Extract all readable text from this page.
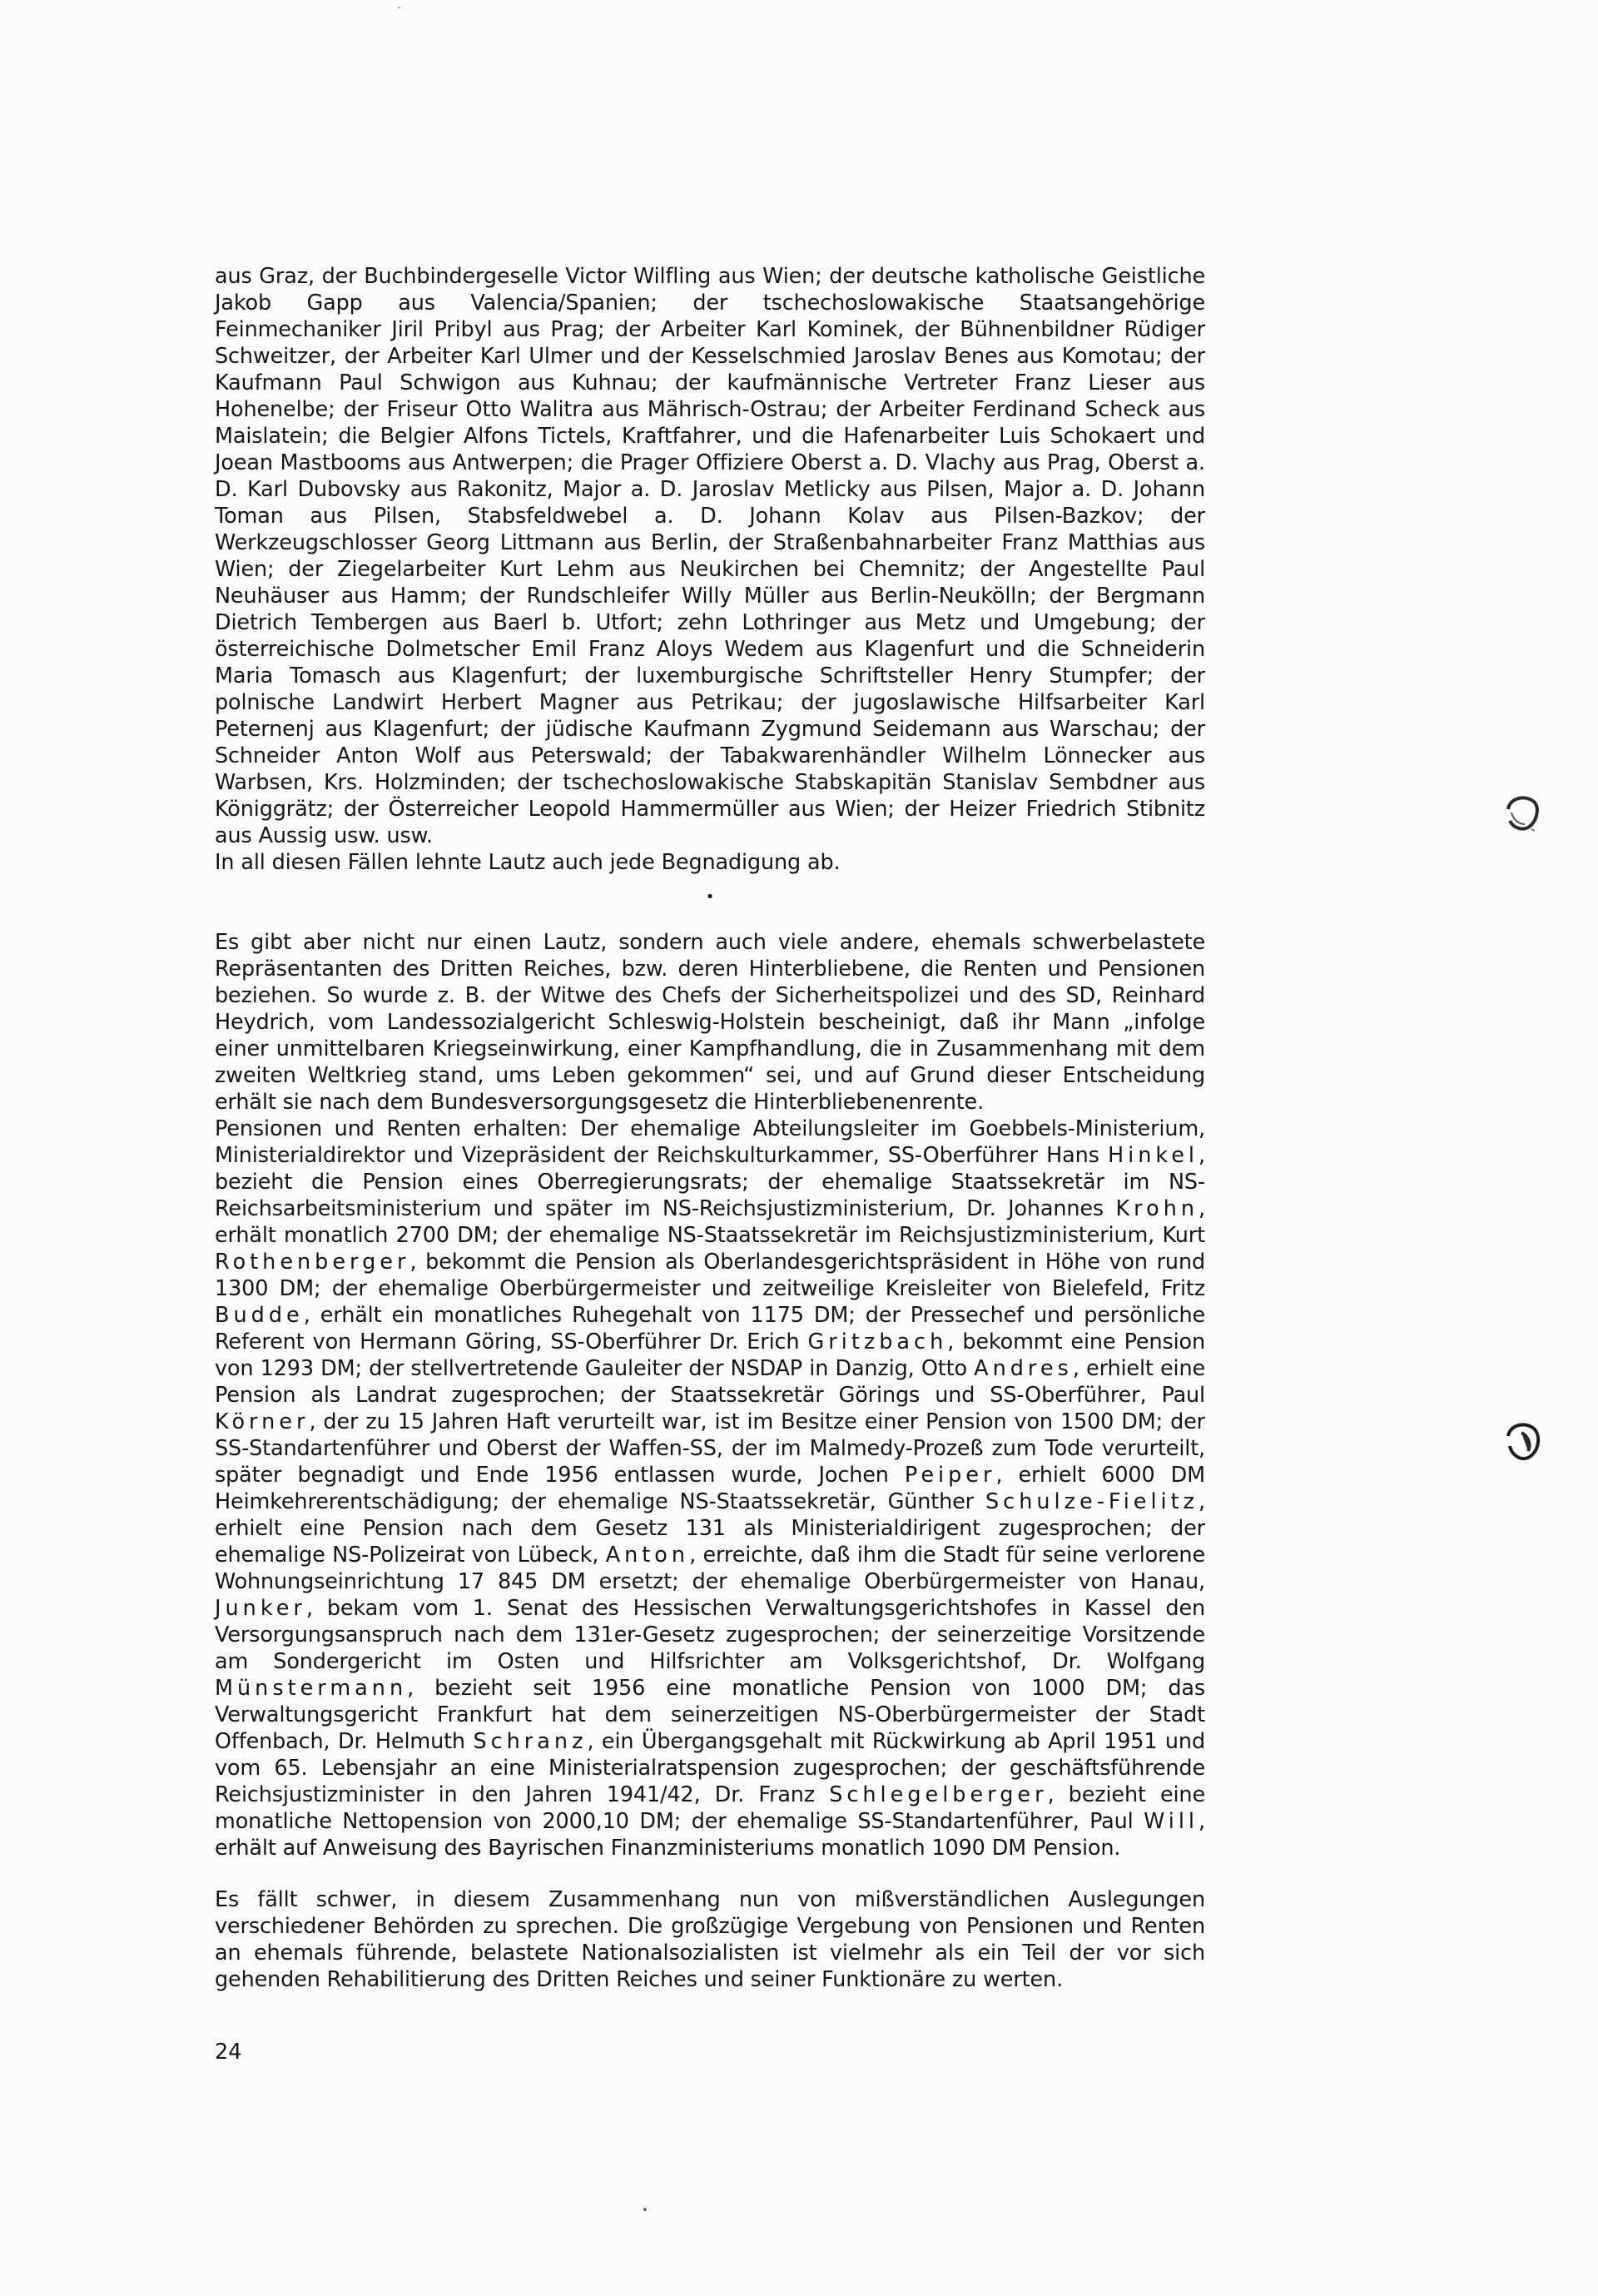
aus Graz, der Buchbindergeselle Victor Wilfling aus Wien; der deutsche katholische Geistliche Jakob Gapp aus Valencia/Spanien; der tschechoslowakische Staatsangehörige Feinmechaniker Jiril Pribyl aus Prag; der Arbeiter Karl Kominek, der Bühnenbildner Rüdiger Schweitzer, der Arbeiter Karl Ulmer und der Kesselschmied Jaroslav Benes aus Komotau; der Kaufmann Paul Schwigon aus Kuhnau; der kaufmännische Vertreter Franz Lieser aus Hohenelbe; der Friseur Otto Walitra aus Mährisch-Ostrau; der Arbeiter Ferdinand Scheck aus Maislatein; die Belgier Alfons Tictels, Kraftfahrer, und die Hafenarbeiter Luis Schokaert und Joean Mastbooms aus Antwerpen; die Prager Offiziere Oberst a. D. Vlachy aus Prag, Oberst a. D. Karl Dubovsky aus Rakonitz, Major a. D. Jaroslav Metlicky aus Pilsen, Major a. D. Johann Toman aus Pilsen, Stabsfeldwebel a. D. Johann Kolav aus Pilsen-Bazkov; der Werkzeugschlosser Georg Littmann aus Berlin, der Straßenbahnarbeiter Franz Matthias aus Wien; der Ziegelarbeiter Kurt Lehm aus Neukirchen bei Chemnitz; der Angestellte Paul Neuhäuser aus Hamm; der Rundschleifer Willy Müller aus Berlin-Neukölln; der Bergmann Dietrich Tembergen aus Baerl b. Utfort; zehn Lothringer aus Metz und Umgebung; der österreichische Dolmetscher Emil Franz Aloys Wedem aus Klagenfurt und die Schneiderin Maria Tomasch aus Klagenfurt; der luxemburgische Schriftsteller Henry Stumpfer; der polnische Landwirt Herbert Magner aus Petrikau; der jugoslawische Hilfsarbeiter Karl Peternenj aus Klagenfurt; der jüdische Kaufmann Zygmund Seidemann aus Warschau; der Schneider Anton Wolf aus Peterswald; der Tabakwarenhändler Wilhelm Lönnecker aus Warbsen, Krs. Holzminden; der tschechoslowakische Stabskapitän Stanislav Sembdner aus Königgrätz; der Österreicher Leopold Hammermüller aus Wien; der Heizer Friedrich Stibnitz aus Aussig usw. usw.

In all diesen Fällen lehnte Lautz auch jede Begnadigung ab.

•

Es gibt aber nicht nur einen Lautz, sondern auch viele andere, ehemals schwerbelastete Repräsentanten des Dritten Reiches, bzw. deren Hinterbliebene, die Renten und Pensionen beziehen. So wurde z. B. der Witwe des Chefs der Sicherheitspolizei und des SD, Reinhard Heydrich, vom Landessozialgericht Schleswig-Holstein bescheinigt, daß ihr Mann „infolge einer unmittelbaren Kriegseinwirkung, einer Kampfhandlung, die in Zusammenhang mit dem zweiten Weltkrieg stand, ums Leben gekommen“ sei, und auf Grund dieser Entscheidung erhält sie nach dem Bundesversorgungsgesetz die Hinterbliebenenrente.

Pensionen und Renten erhalten: Der ehemalige Abteilungsleiter im Goebbels-Ministerium, Ministerialdirektor und Vizepräsident der Reichskulturkammer, SS-Oberführer Hans Hinkel, bezieht die Pension eines Oberregierungsrats; der ehemalige Staatssekretär im NS-Reichsarbeitsministerium und später im NS-Reichsjustizministerium, Dr. Johannes Krohn, erhält monatlich 2700 DM; der ehemalige NS-Staatssekretär im Reichsjustizministerium, Kurt Rothenberger, bekommt die Pension als Oberlandesgerichtspräsident in Höhe von rund 1300 DM; der ehemalige Oberbürgermeister und zeitweilige Kreisleiter von Bielefeld, Fritz Budde, erhält ein monatliches Ruhegehalt von 1175 DM; der Pressechef und persönliche Referent von Hermann Göring, SS-Oberführer Dr. Erich Gritzbach, bekommt eine Pension von 1293 DM; der stellvertretende Gauleiter der NSDAP in Danzig, Otto Andres, erhielt eine Pension als Landrat zugesprochen; der Staatssekretär Görings und SS-Oberführer, Paul Körner, der zu 15 Jahren Haft verurteilt war, ist im Besitze einer Pension von 1500 DM; der SS-Standartenführer und Oberst der Waffen-SS, der im Malmedy-Prozeß zum Tode verurteilt, später begnadigt und Ende 1956 entlassen wurde, Jochen Peiper, erhielt 6000 DM Heimkehrerentschädigung; der ehemalige NS-Staatssekretär, Günther Schulze-Fielitz, erhielt eine Pension nach dem Gesetz 131 als Ministerialdirigent zugesprochen; der ehemalige NS-Polizeirat von Lübeck, Anton, erreichte, daß ihm die Stadt für seine verlorene Wohnungseinrichtung 17 845 DM ersetzt; der ehemalige Oberbürgermeister von Hanau, Junker, bekam vom 1. Senat des Hessischen Verwaltungsgerichtshofes in Kassel den Versorgungsanspruch nach dem 131er-Gesetz zugesprochen; der seinerzeitige Vorsitzende am Sondergericht im Osten und Hilfsrichter am Volksgerichtshof, Dr. Wolfgang Münstermann, bezieht seit 1956 eine monatliche Pension von 1000 DM; das Verwaltungsgericht Frankfurt hat dem seinerzeitigen NS-Oberbürgermeister der Stadt Offenbach, Dr. Helmuth Schranz, ein Übergangsgehalt mit Rückwirkung ab April 1951 und vom 65. Lebensjahr an eine Ministerialratspension zugesprochen; der geschäftsführende Reichsjustizminister in den Jahren 1941/42, Dr. Franz Schlegelberger, bezieht eine monatliche Nettopension von 2000,10 DM; der ehemalige SS-Standartenführer, Paul Will, erhält auf Anweisung des Bayrischen Finanzministeriums monatlich 1090 DM Pension.

Es fällt schwer, in diesem Zusammenhang nun von mißverständlichen Auslegungen verschiedener Behörden zu sprechen. Die großzügige Vergebung von Pensionen und Renten an ehemals führende, belastete Nationalsozialisten ist vielmehr als ein Teil der vor sich gehenden Rehabilitierung des Dritten Reiches und seiner Funktionäre zu werten.

24
